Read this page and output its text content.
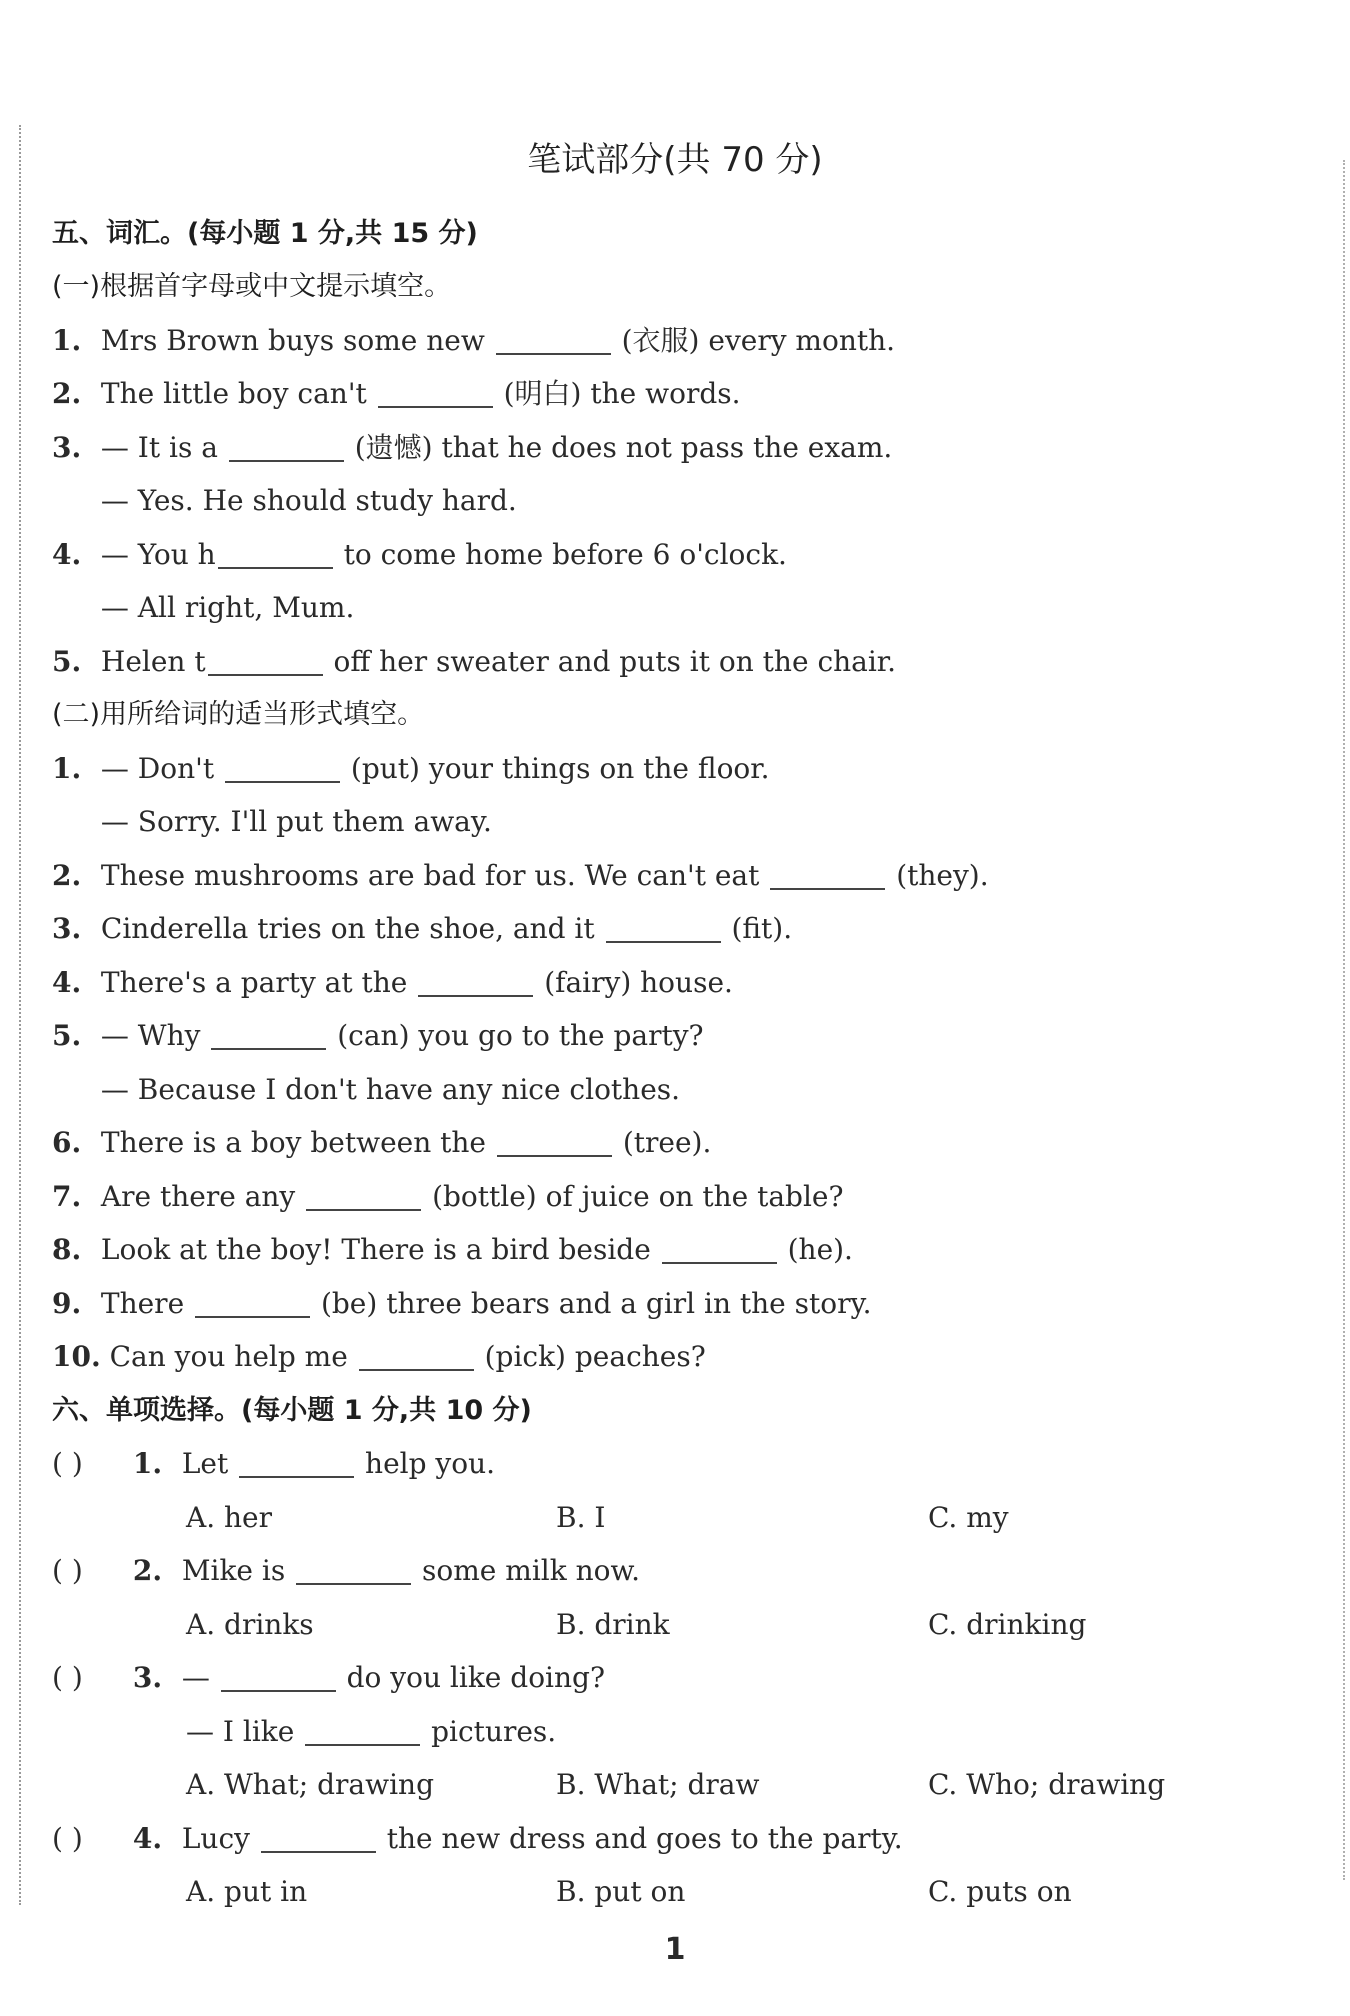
笔试部分(共 70 分)
五、词汇。(每小题 1 分,共 15 分)
(一)根据首字母或中文提示填空。
1. Mrs Brown buys some new	(衣服) every month.
2. The little boy can't	(明白) the words.
3. — It is a	(遗憾) that he does not pass the exam.
— Yes. He should study hard.
4. — You h	to come home before 6 o'clock.
— All right, Mum.
5. Helen t	off her sweater and puts it on the chair.
(二)用所给词的适当形式填空。
1. — Don't	(put) your things on the floor.
— Sorry. I'll put them away.
2. These mushrooms are bad for us. We can't eat	(they).
3. Cinderella tries on the shoe, and it	(fit).
4. There's a party at the	(fairy) house.
5. — Why	(can) you go to the party?
— Because I don't have any nice clothes.
6. There is a boy between the	(tree).
7. Are there any	(bottle) of juice on the table?
8. Look at the boy! There is a bird beside	(he).
9. There	(be) three bears and a girl in the story.
10. Can you help me	(pick) peaches?
六、单项选择。(每小题 1 分,共 10 分)
( ) 1. Let	help you.
A. her	B. I	C. my
( ) 2. Mike is	some milk now.
A. drinks	B. drink	C. drinking
( ) 3. —	do you like doing?
— I like	pictures.
A. What; drawing	B. What; draw	C. Who; drawing
( ) 4. Lucy	the new dress and goes to the party.
A. put in	B. put on	C. puts on
1
